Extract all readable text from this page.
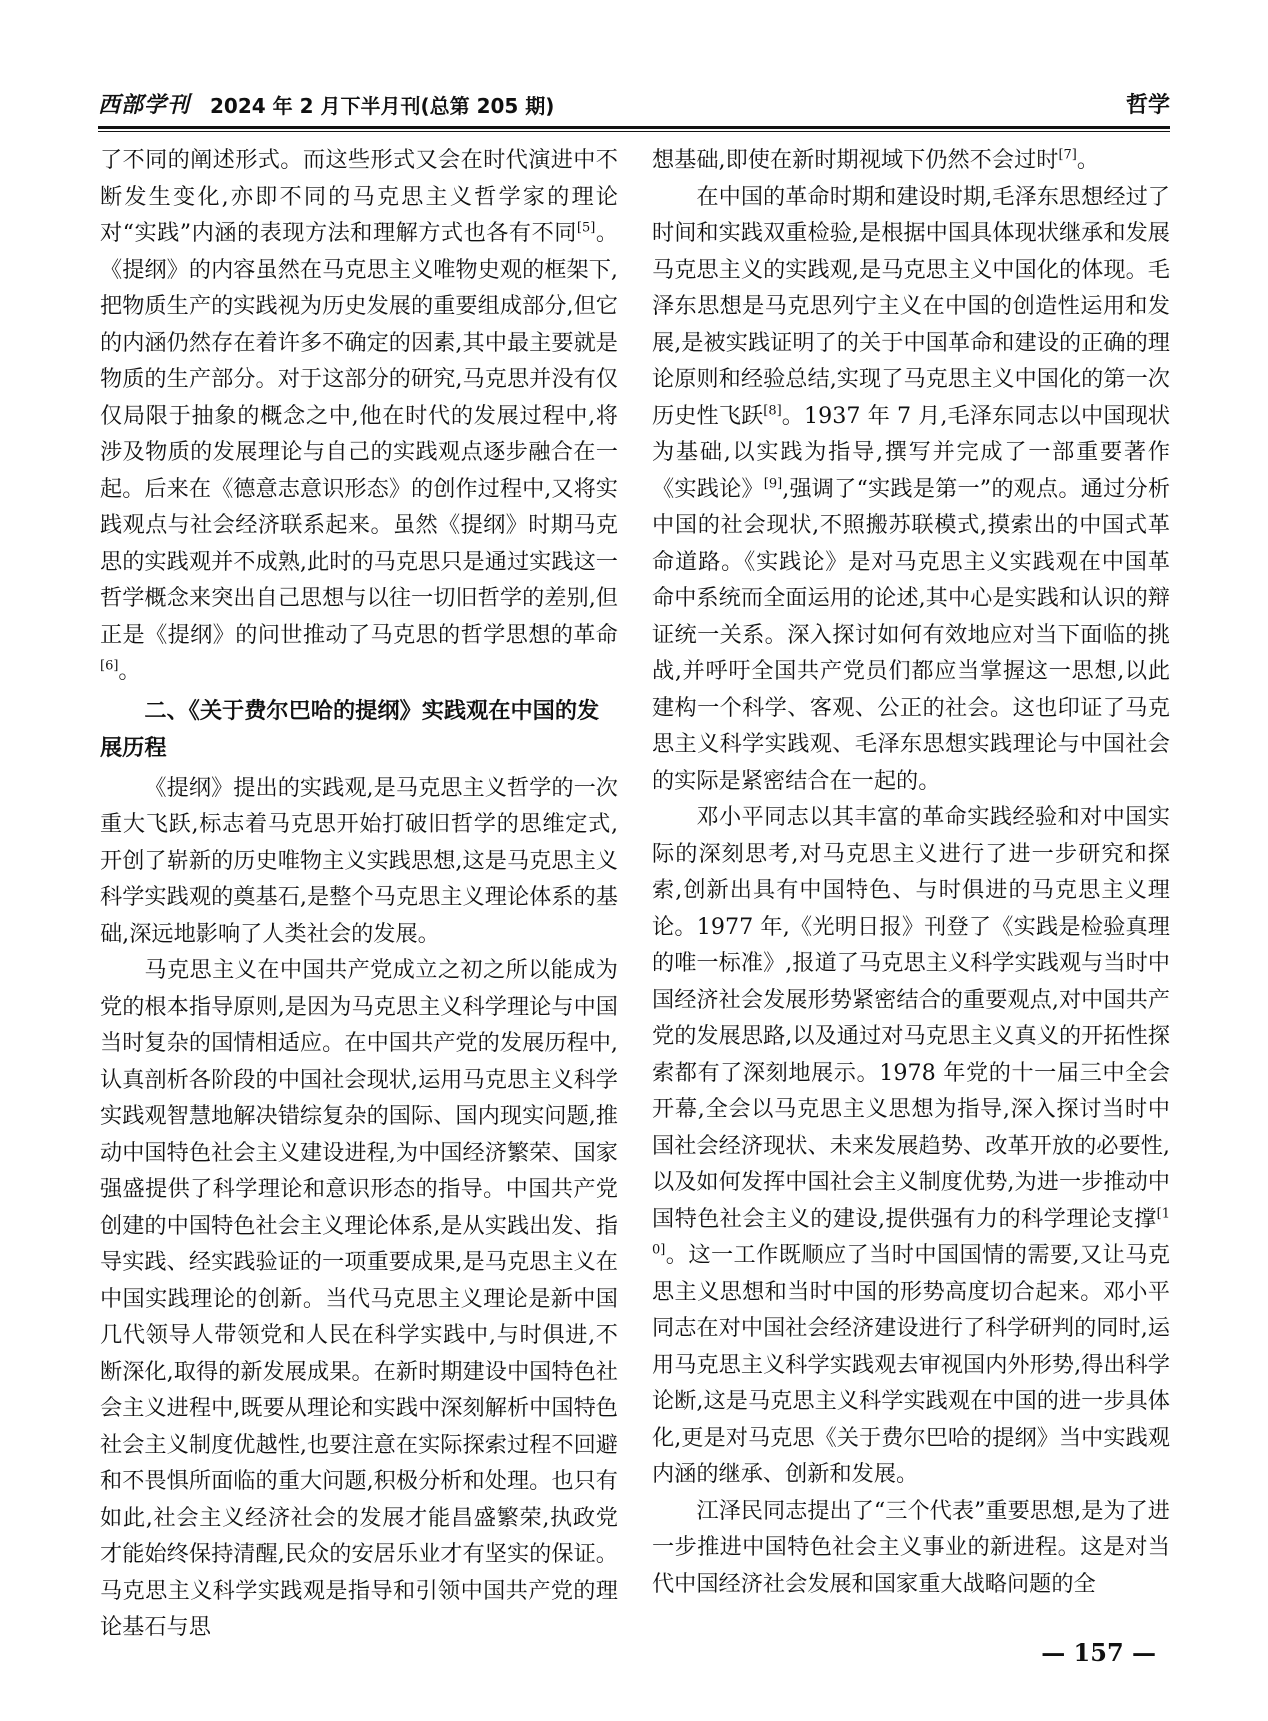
西部学刊 2024 年 2 月下半月刊(总第 205 期)	哲学

了不同的阐述形式。而这些形式又会在时代演进中不断发生变化,亦即不同的马克思主义哲学家的理论对“实践”内涵的表现方法和理解方式也各有不同[5]。《提纲》的内容虽然在马克思主义唯物史观的框架下,把物质生产的实践视为历史发展的重要组成部分,但它的内涵仍然存在着许多不确定的因素,其中最主要就是物质的生产部分。对于这部分的研究,马克思并没有仅仅局限于抽象的概念之中,他在时代的发展过程中,将涉及物质的发展理论与自己的实践观点逐步融合在一起。后来在《德意志意识形态》的创作过程中,又将实践观点与社会经济联系起来。虽然《提纲》时期马克思的实践观并不成熟,此时的马克思只是通过实践这一哲学概念来突出自己思想与以往一切旧哲学的差别,但正是《提纲》的问世推动了马克思的哲学思想的革命[6]。

二、《关于费尔巴哈的提纲》实践观在中国的发展历程

《提纲》提出的实践观,是马克思主义哲学的一次重大飞跃,标志着马克思开始打破旧哲学的思维定式,开创了崭新的历史唯物主义实践思想,这是马克思主义科学实践观的奠基石,是整个马克思主义理论体系的基础,深远地影响了人类社会的发展。

马克思主义在中国共产党成立之初之所以能成为党的根本指导原则,是因为马克思主义科学理论与中国当时复杂的国情相适应。在中国共产党的发展历程中,认真剖析各阶段的中国社会现状,运用马克思主义科学实践观智慧地解决错综复杂的国际、国内现实问题,推动中国特色社会主义建设进程,为中国经济繁荣、国家强盛提供了科学理论和意识形态的指导。中国共产党创建的中国特色社会主义理论体系,是从实践出发、指导实践、经实践验证的一项重要成果,是马克思主义在中国实践理论的创新。当代马克思主义理论是新中国几代领导人带领党和人民在科学实践中,与时俱进,不断深化,取得的新发展成果。在新时期建设中国特色社会主义进程中,既要从理论和实践中深刻解析中国特色社会主义制度优越性,也要注意在实际探索过程不回避和不畏惧所面临的重大问题,积极分析和处理。也只有如此,社会主义经济社会的发展才能昌盛繁荣,执政党才能始终保持清醒,民众的安居乐业才有坚实的保证。马克思主义科学实践观是指导和引领中国共产党的理论基石与思

想基础,即使在新时期视域下仍然不会过时[7]。

在中国的革命时期和建设时期,毛泽东思想经过了时间和实践双重检验,是根据中国具体现状继承和发展马克思主义的实践观,是马克思主义中国化的体现。毛泽东思想是马克思列宁主义在中国的创造性运用和发展,是被实践证明了的关于中国革命和建设的正确的理论原则和经验总结,实现了马克思主义中国化的第一次历史性飞跃[8]。1937 年 7 月,毛泽东同志以中国现状为基础,以实践为指导,撰写并完成了一部重要著作《实践论》[9],强调了“实践是第一”的观点。通过分析中国的社会现状,不照搬苏联模式,摸索出的中国式革命道路。《实践论》是对马克思主义实践观在中国革命中系统而全面运用的论述,其中心是实践和认识的辩证统一关系。深入探讨如何有效地应对当下面临的挑战,并呼吁全国共产党员们都应当掌握这一思想,以此建构一个科学、客观、公正的社会。这也印证了马克思主义科学实践观、毛泽东思想实践理论与中国社会的实际是紧密结合在一起的。

邓小平同志以其丰富的革命实践经验和对中国实际的深刻思考,对马克思主义进行了进一步研究和探索,创新出具有中国特色、与时俱进的马克思主义理论。1977 年,《光明日报》刊登了《实践是检验真理的唯一标准》,报道了马克思主义科学实践观与当时中国经济社会发展形势紧密结合的重要观点,对中国共产党的发展思路,以及通过对马克思主义真义的开拓性探索都有了深刻地展示。1978 年党的十一届三中全会开幕,全会以马克思主义思想为指导,深入探讨当时中国社会经济现状、未来发展趋势、改革开放的必要性,以及如何发挥中国社会主义制度优势,为进一步推动中国特色社会主义的建设,提供强有力的科学理论支撑[10]。这一工作既顺应了当时中国国情的需要,又让马克思主义思想和当时中国的形势高度切合起来。邓小平同志在对中国社会经济建设进行了科学研判的同时,运用马克思主义科学实践观去审视国内外形势,得出科学论断,这是马克思主义科学实践观在中国的进一步具体化,更是对马克思《关于费尔巴哈的提纲》当中实践观内涵的继承、创新和发展。

江泽民同志提出了“三个代表”重要思想,是为了进一步推进中国特色社会主义事业的新进程。这是对当代中国经济社会发展和国家重大战略问题的全

— 157 —
